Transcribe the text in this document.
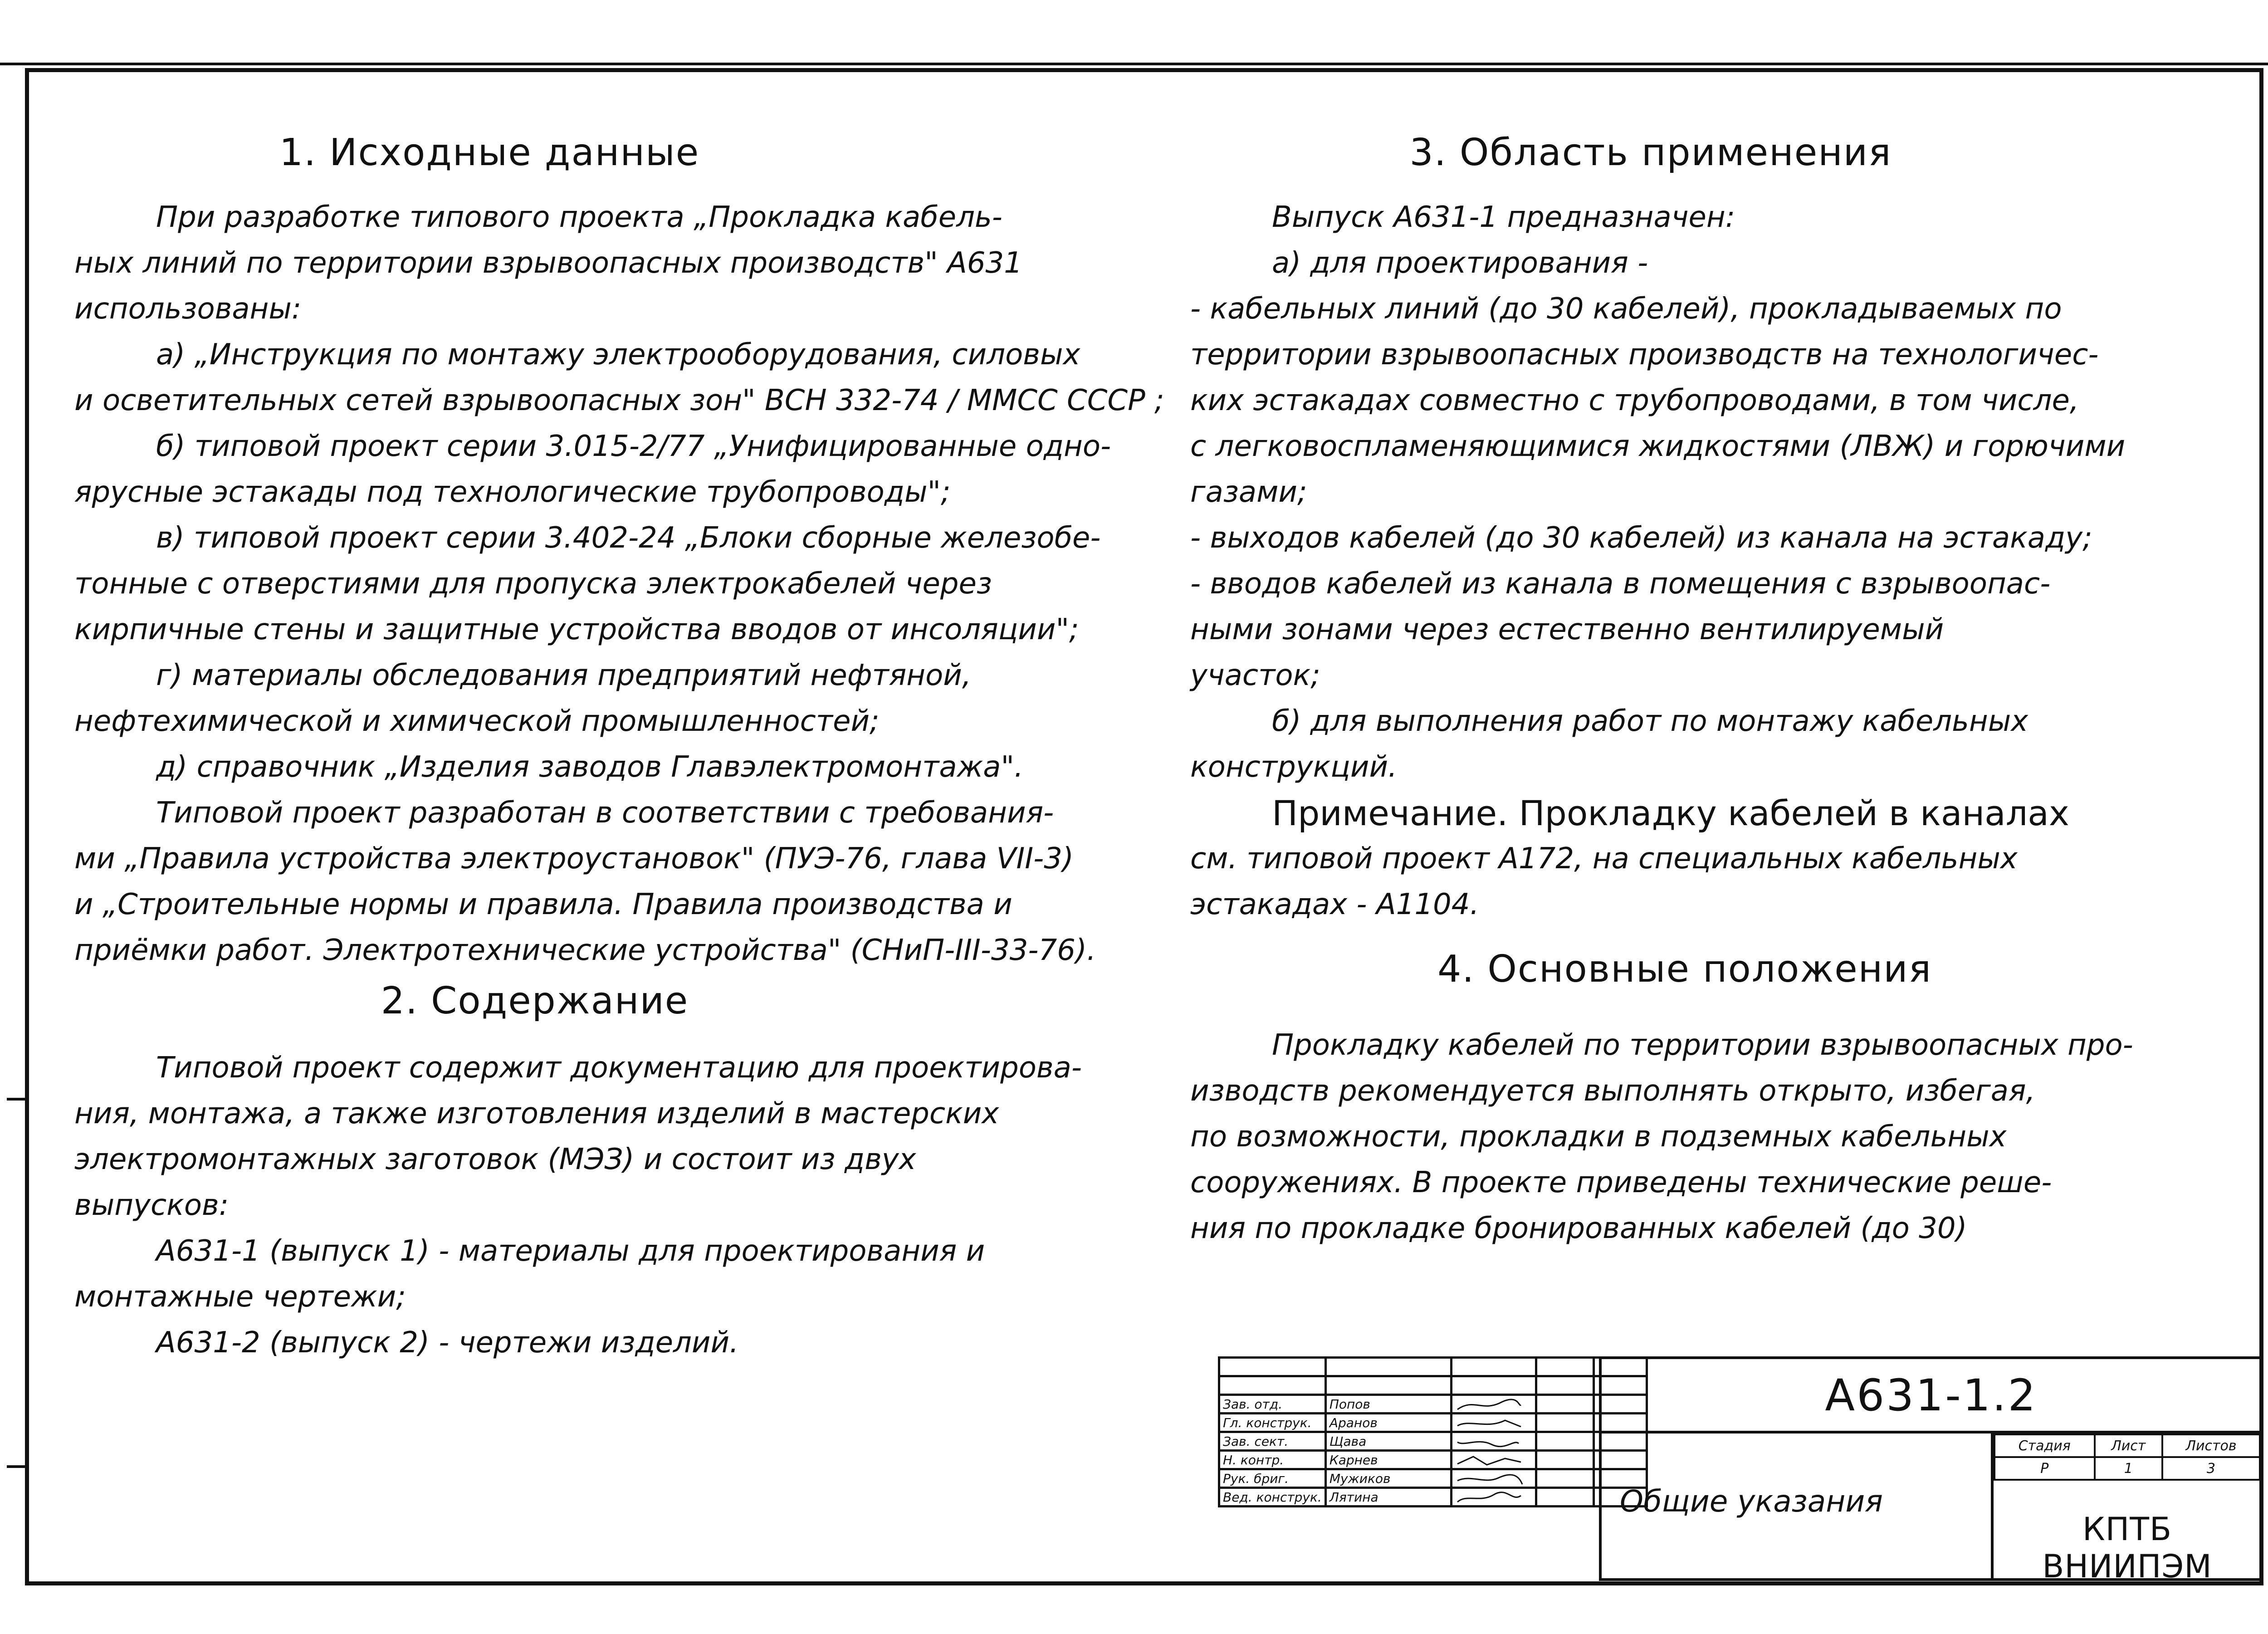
1. Исходные данные
При разработке типового проекта „Прокладка кабель-
ных линий по территории взрывоопасных производств" А631
использованы:
а) „Инструкция по монтажу электрооборудования, силовых
и осветительных сетей взрывоопасных зон" ВСН 332-74 / ММСС СССР ;
б) типовой проект серии 3.015-2/77 „Унифицированные одно-
ярусные эстакады под технологические трубопроводы";
в) типовой проект серии 3.402-24 „Блоки сборные железобе-
тонные с отверстиями для пропуска электрокабелей через
кирпичные стены и защитные устройства вводов от инсоляции";
г) материалы обследования предприятий нефтяной,
нефтехимической и химической промышленностей;
д) справочник „Изделия заводов Главэлектромонтажа".
Типовой проект разработан в соответствии с требования-
ми „Правила устройства электроустановок" (ПУЭ-76, глава VII-3)
и „Строительные нормы и правила. Правила производства и
приёмки работ. Электротехнические устройства" (СНиП-III-33-76).
2. Содержание
Типовой проект содержит документацию для проектирова-
ния, монтажа, а также изготовления изделий в мастерских
электромонтажных заготовок (МЭЗ) и состоит из двух
выпусков:
А631-1 (выпуск 1) - материалы для проектирования и
монтажные чертежи;
А631-2 (выпуск 2) - чертежи изделий.
3. Область применения
Выпуск А631-1 предназначен:
а) для проектирования -
- кабельных линий (до 30 кабелей), прокладываемых по
территории взрывоопасных производств на технологичес-
ких эстакадах совместно с трубопроводами, в том числе,
с легковоспламеняющимися жидкостями (ЛВЖ) и горючими
газами;
- выходов кабелей (до 30 кабелей) из канала на эстакаду;
- вводов кабелей из канала в помещения с взрывоопас-
ными зонами через естественно вентилируемый
участок;
б) для выполнения работ по монтажу кабельных
конструкций.
Примечание. Прокладку кабелей в каналах
см. типовой проект А172, на специальных кабельных
эстакадах - А1104.
4. Основные положения
Прокладку кабелей по территории взрывоопасных про-
изводств рекомендуется выполнять открыто, избегая,
по возможности, прокладки в подземных кабельных
сооружениях. В проекте приведены технические реше-
ния по прокладке бронированных кабелей (до 30)

Зав. отд.	Попов			
Гл. конструк.	Аранов			
Зав. сект.	Щава			
Н. контр.	Карнев			
Рук. бриг.	Мужиков			
Вед. конструк.	Лятина			
А631-1.2
Общие указания
Стадия	Лист	Листов
Р	1	3
КПТБ ВНИИПЭМ
